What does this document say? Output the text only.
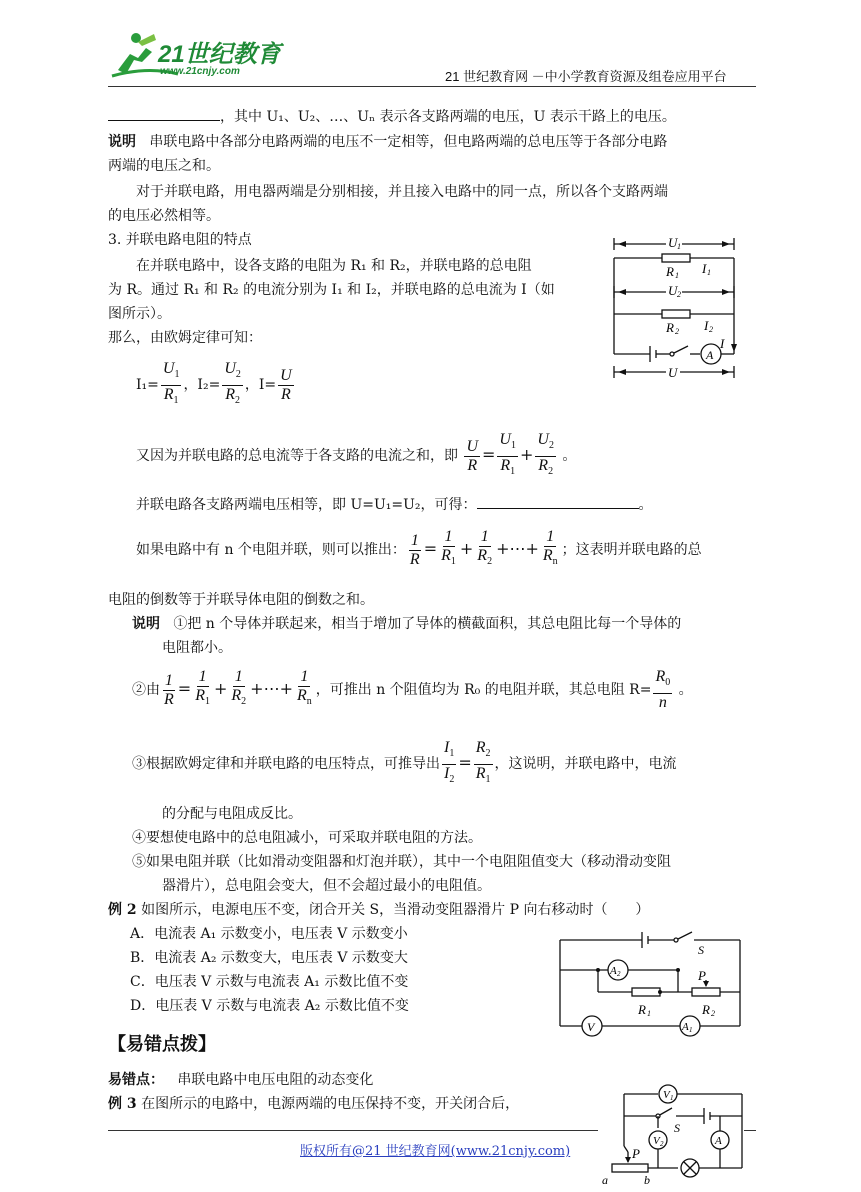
21世纪教育
www.21cnjy.com	21 世纪教育网 －中小学教育资源及组卷应用平台
，其中 U₁、U₂、…、Uₙ 表示各支路两端的电压，U 表示干路上的电压。
说明 串联电路中各部分电路两端的电压不一定相等，但电路两端的总电压等于各部分电路
两端的电压之和。
对于并联电路，用电器两端是分别相接，并且接入电路中的同一点，所以各个支路两端
的电压必然相等。
3. 并联电路电阻的特点
在并联电路中，设各支路的电阻为 R₁ 和 R₂，并联电路的总电阻
为 R。通过 R₁ 和 R₂ 的电流分别为 I₁ 和 I₂，并联电路的总电流为 I（如
图所示）。
那么，由欧姆定律可知：
U 1
U 2
R 1 I 1
R 2 I 2
I
A
U
$I_1= \frac{U_1}{R_1}$ ，$I_2= \frac{U_2}{R_2}$ ，$I= \frac{U}{R}$
又因为并联电路的总电流等于各支路的电流之和，即 $\frac{U}{R} = \frac{U_1}{R_1} + \frac{U_2}{R_2}$ 。
并联电路各支路两端电压相等，即 U=U₁=U₂，可得：	。
如果电路中有 n 个电阻并联，则可以推出： $\frac{1}{R} = \frac{1}{R_1} + \frac{1}{R_2}$ +⋯+ $\frac{1}{R_n}$ ；这表明并联电路的总
电阻的倒数等于并联导体电阻的倒数之和。
说明 ①把 n 个导体并联起来，相当于增加了导体的横截面积，其总电阻比每一个导体的
电阻都小。
②由 $\frac{1}{R} = \frac{1}{R_1} + \frac{1}{R_2}$ +⋯+ $\frac{1}{R_n}$ ，可推出 n 个阻值均为 R₀ 的电阻并联，其总电阻 $R= \frac{R_0}{n}$ 。
③根据欧姆定律和并联电路的电压特点，可推导出 $\frac{I_1}{I_2} = \frac{R_2}{R_1}$ ，这说明，并联电路中，电流
的分配与电阻成反比。
④要想使电路中的总电阻减小，可采取并联电阻的方法。
⑤如果电阻并联（比如滑动变阻器和灯泡并联），其中一个电阻阻值变大（移动滑动变阻
器滑片），总电阻会变大，但不会超过最小的电阻值。
例 2 如图所示，电源电压不变，闭合开关 S，当滑动变阻器滑片 P 向右移动时（　　）
A．电流表 A₁ 示数变小，电压表 V 示数变小
B．电流表 A₂ 示数变大，电压表 V 示数变大
C．电压表 V 示数与电流表 A₁ 示数比值不变
D．电压表 V 示数与电流表 A₂ 示数比值不变
S
A 2	P
R 1	R 2
V	A 1
【易错点拨】
易错点： 串联电路中电压电阻的动态变化
例 3 在图所示的电路中，电源两端的电压保持不变，开关闭合后，
V 1
S
V 2	A
P
a	b
版权所有@21 世纪教育网(www.21cnjy.com)
